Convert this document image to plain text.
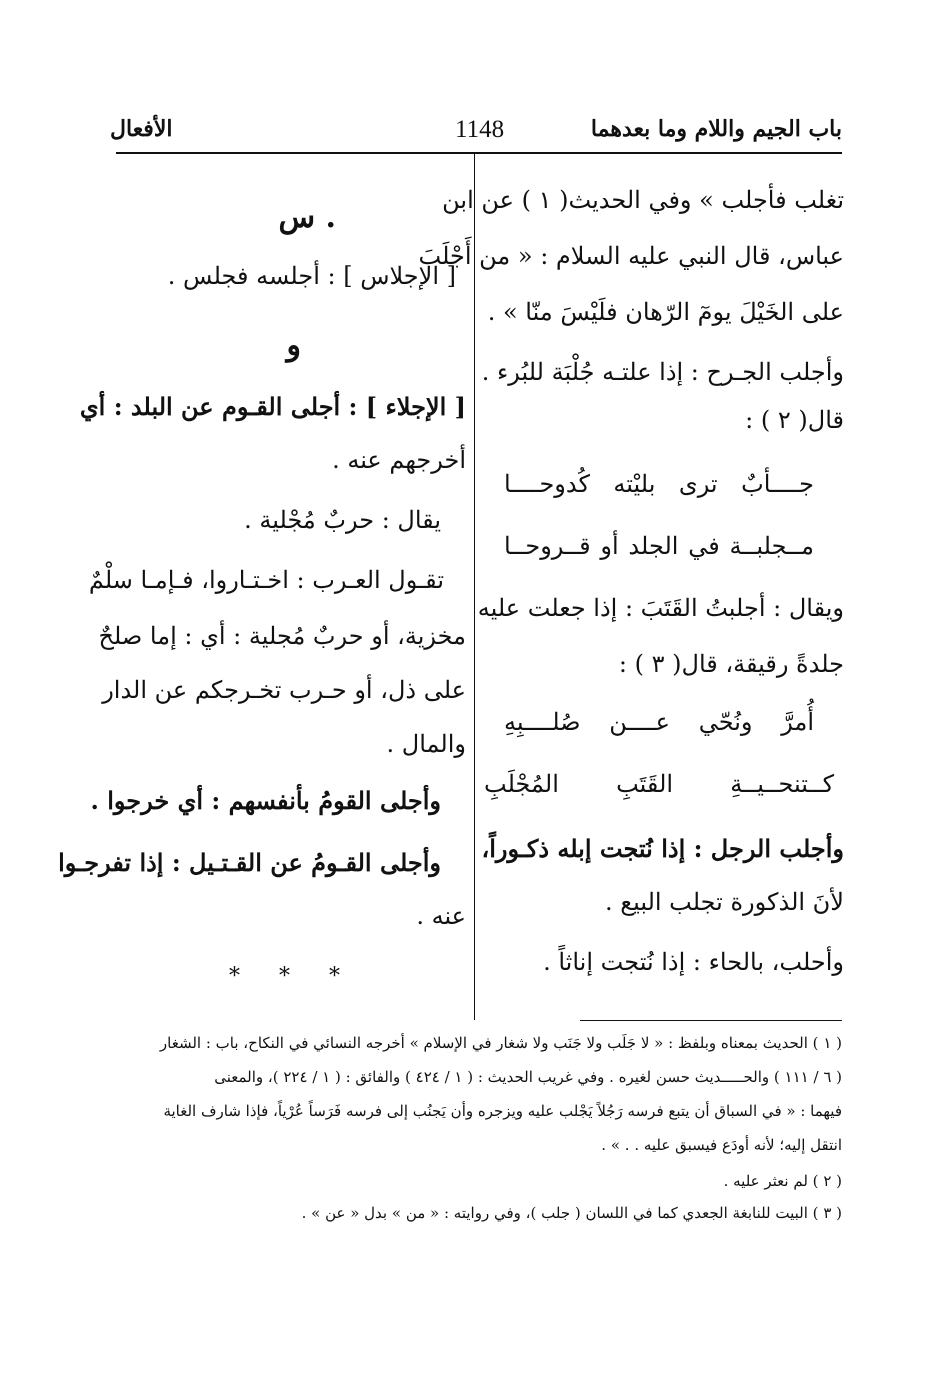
باب الجيم واللام وما بعدهما
1148
الأفعال
تغلب فأجلب » وفي الحديث( ١ ) عن ابن
عباس، قال النبي عليه السلام : « من أَجْلَبَ
على الخَيْلَ يومٓ الرّهان فلَيْسَ منّا » .
وأجلب الجـرح : إذا علتـه جُلْبَة للبُرء .
قال( ٢ ) :
جــــأبٌ ترى بليْته كُدوحــــا
مــجلبــة في الجلد أو قــروحــا
ويقال : أجلبتُ القَتَبَ : إذا جعلت عليه
جلدةً رقيقة، قال( ٣ ) :
أُمرَّ ونُحّي عــــن صُلــــبِهِ
كــتنحــيــةِ القَتَبِ المُجْلَبِ
وأجلب الرجل : إذا نُتجت إبله ذكـوراً،
لأنَ الذكورة تجلب البيع .
وأحلب، بالحاء : إذا نُتجت إناثاً .
. س
[ الإجلاس ] : أجلسه فجلس .
و
[ الإجلاء ] : أجلى القـوم عن البلد : أي
أخرجهم عنه .
يقال : حربٌ مُجْلية .
تقـول العـرب : اخـتـاروا، فـإمـا سلْمٌ
مخزية، أو حربٌ مُجلية : أي : إما صلحٌ
على ذل، أو حـرب تخـرجكم عن الدار
والمال .
وأجلى القومُ بأنفسهم : أي خرجوا .
وأجلى القـومُ عن القـتـيل : إذا تفرجـوا
عنه .
* * *
( ١ ) الحديث بمعناه وبلفظ : « لا جَلَب ولا جَنَب ولا شغار في الإسلام » أخرجه النسائي في النكاح، باب : الشغار
( ٦ / ١١١ ) والحـــــديث حسن لغيره . وفي غريب الحديث : ( ١ / ٤٢٤ ) والفائق : ( ١ / ٢٢٤ )، والمعنى
فيهما : « في السباق أن يتبع فرسه رَجُلاً يَجْلب عليه ويزجره وأن يَجنُب إلى فرسه فَرَساً عُرْياً، فإذا شارف الغاية
انتقل إليه؛ لأنه أودَع فيسبق عليه . . » .
( ٢ ) لم نعثر عليه .
( ٣ ) البيت للنابغة الجعدي كما في اللسان ( جلب )، وفي روايته : « من » بدل « عن » .
